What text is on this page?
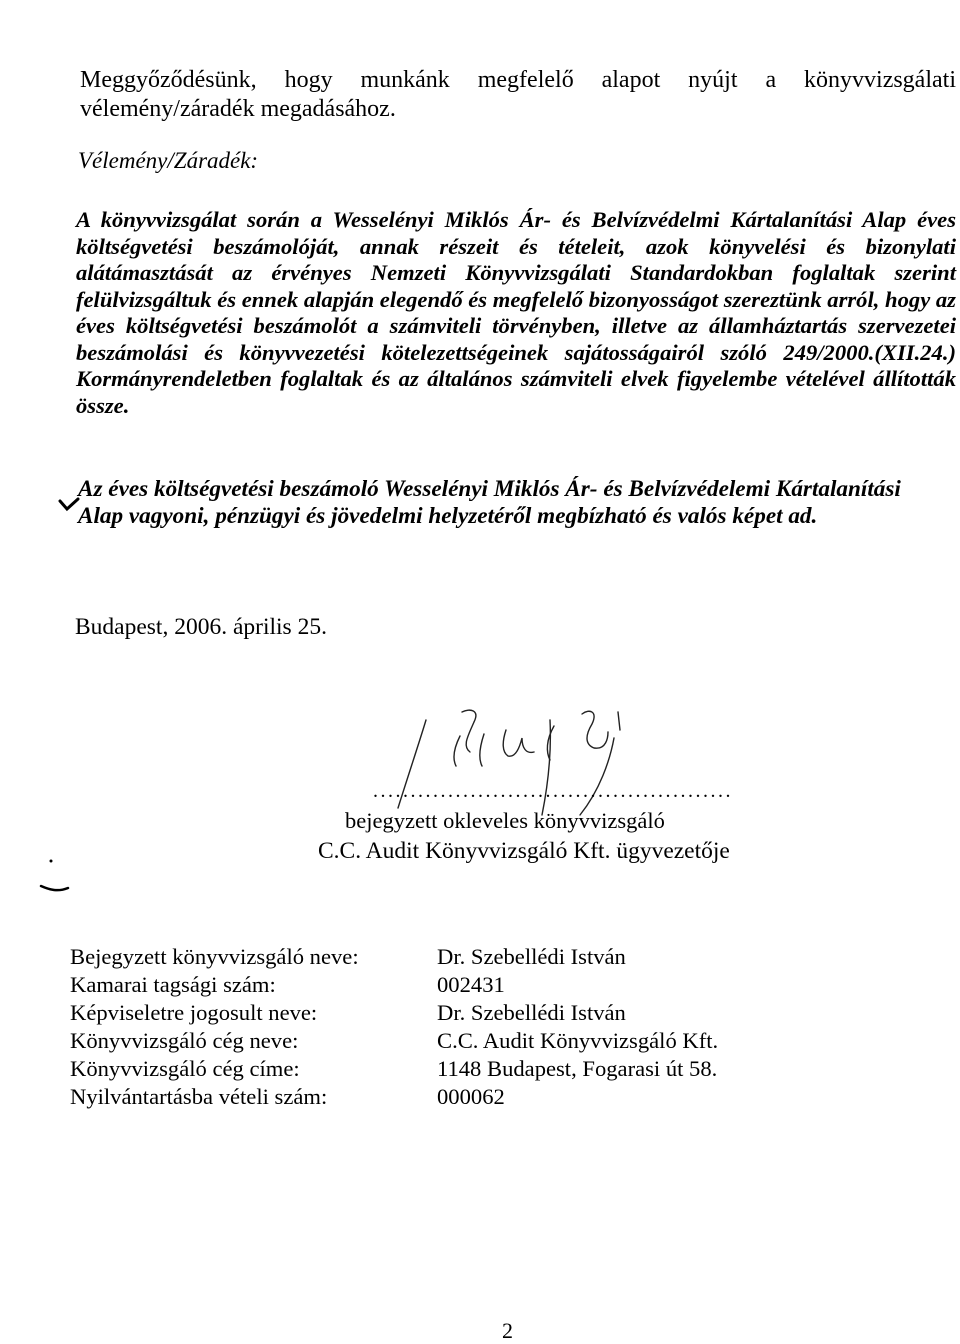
Meggyőződésünk, hogy munkánk megfelelő alapot nyújt a könyvvizsgálati
vélemény/záradék megadásához.
Vélemény/Záradék:

A könyvvizsgálat során a Wesselényi Miklós Ár- és Belvízvédelmi Kártalanítási Alap éves költségvetési beszámolóját, annak részeit és tételeit, azok könyvelési és bizonylati alátámasztását az érvényes Nemzeti Könyvvizsgálati Standardokban foglaltak szerint felülvizsgáltuk és ennek alapján elegendő és megfelelő bizonyosságot szereztünk arról, hogy az éves költségvetési beszámolót a számviteli törvényben, illetve az államháztartás szervezetei beszámolási és könyvvezetési kötelezettségeinek sajátosságairól szóló 249/2000.(XII.24.) Kormányrendeletben foglaltak és az általános számviteli elvek figyelembe vételével állították össze.

Az éves költségvetési beszámoló Wesselényi Miklós Ár- és Belvízvédelemi Kártalanítási
Alap vagyoni, pénzügyi és jövedelmi helyzetéről megbízható és valós képet ad.

Budapest, 2006. április 25.
................................................
bejegyzett okleveles könyvvizsgáló
C.C. Audit Könyvvizsgáló Kft. ügyvezetője
Bejegyzett könyvvizsgáló neve:	Dr. Szebellédi István
Kamarai tagsági szám:	002431
Képviseletre jogosult neve:	Dr. Szebellédi István
Könyvvizsgáló cég neve:	C.C. Audit Könyvvizsgáló Kft.
Könyvvizsgáló cég címe:	1148 Budapest, Fogarasi út 58.
Nyilvántartásba vételi szám:	000062
2
